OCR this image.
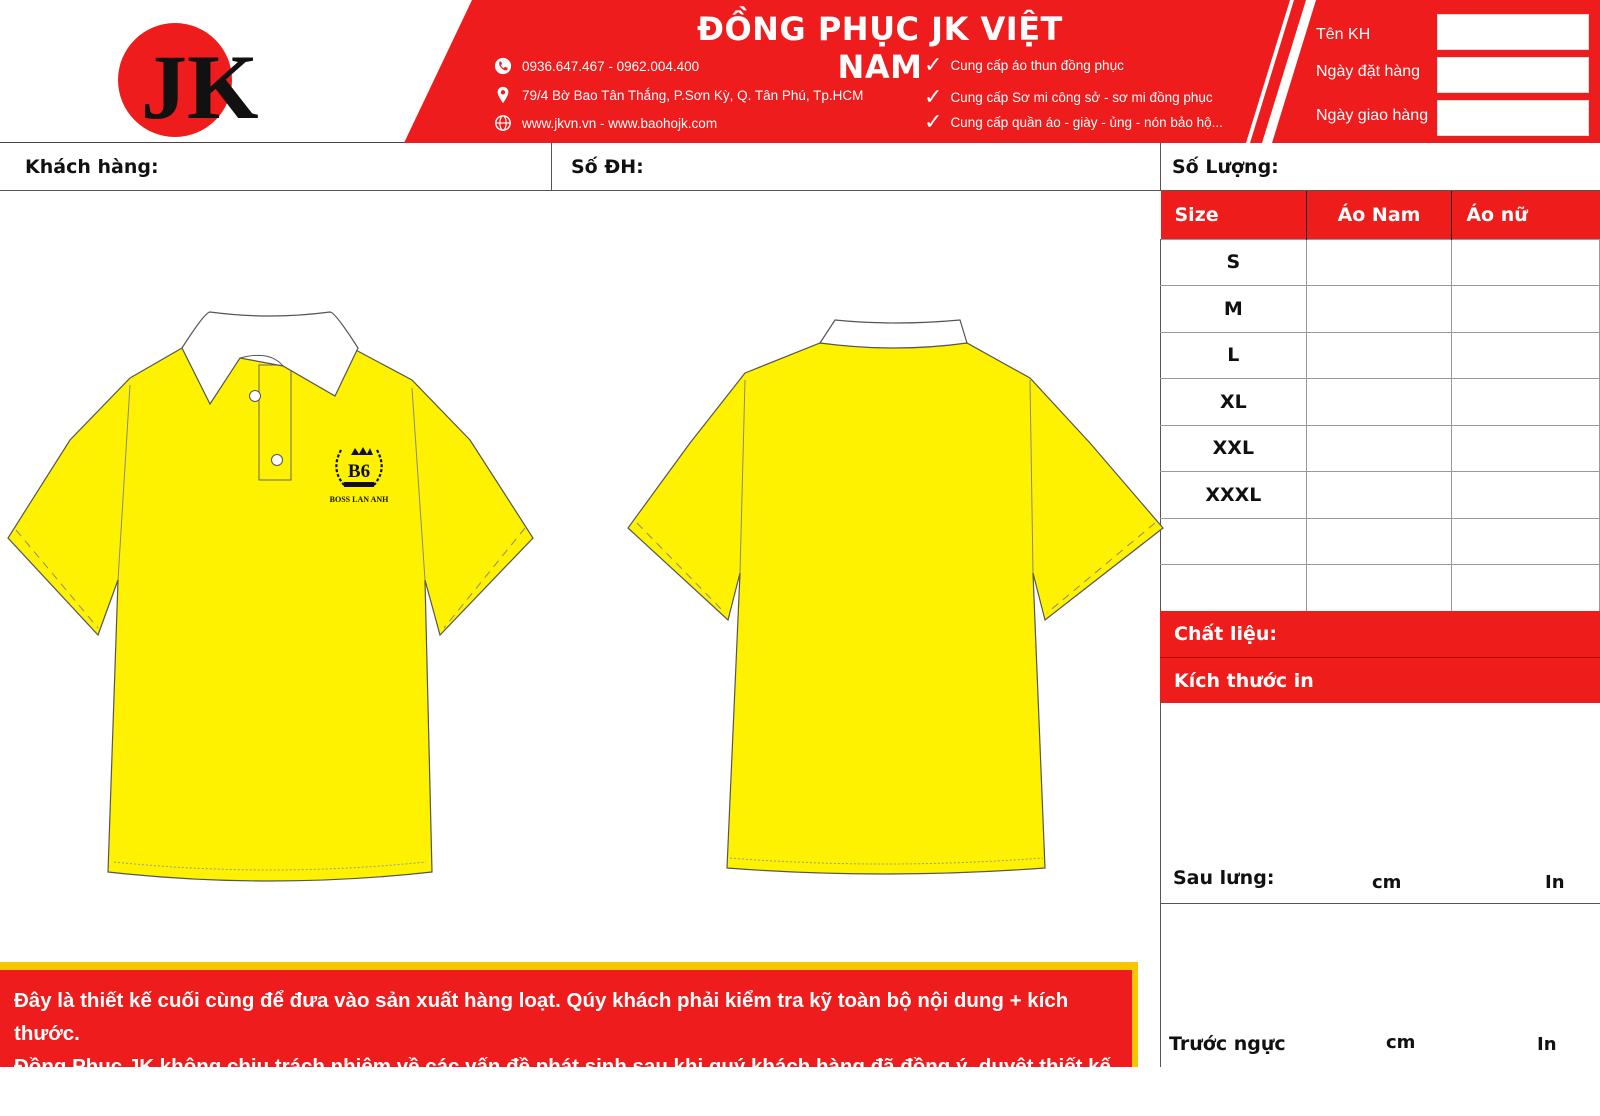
JK
ĐỒNG PHỤC JK VIỆT NAM
0936.647.467 - 0962.004.400
79/4 Bờ Bao Tân Thắng, P.Sơn Kỳ, Q. Tân Phú, Tp.HCM
www.jkvn.vn - www.baohojk.com
✓ Cung cấp áo thun đồng phục
✓ Cung cấp Sơ mi công sở - sơ mi đồng phục
✓ Cung cấp quần áo - giày - ủng - nón bảo hộ...
Tên KH
Ngày đặt hàng
Ngày giao hàng
Khách hàng:	Số ĐH:	Số Lượng:
Size	Áo Nam	Áo nữ
S		
M		
L		
XL		
XXL		
XXXL		

Chất liệu:
Kích thước in
Sau lưng:	cm	In
Trước ngực	cm	In
B6
BOSS LAN ANH
Đây là thiết kế cuối cùng để đưa vào sản xuất hàng loạt. Qúy khách phải kiểm tra kỹ toàn bộ nội dung + kích thước.
Đồng Phục JK không chịu trách nhiệm về các vấn đề phát sinh sau khi quý khách hàng đã đồng ý, duyệt thiết kế này.
